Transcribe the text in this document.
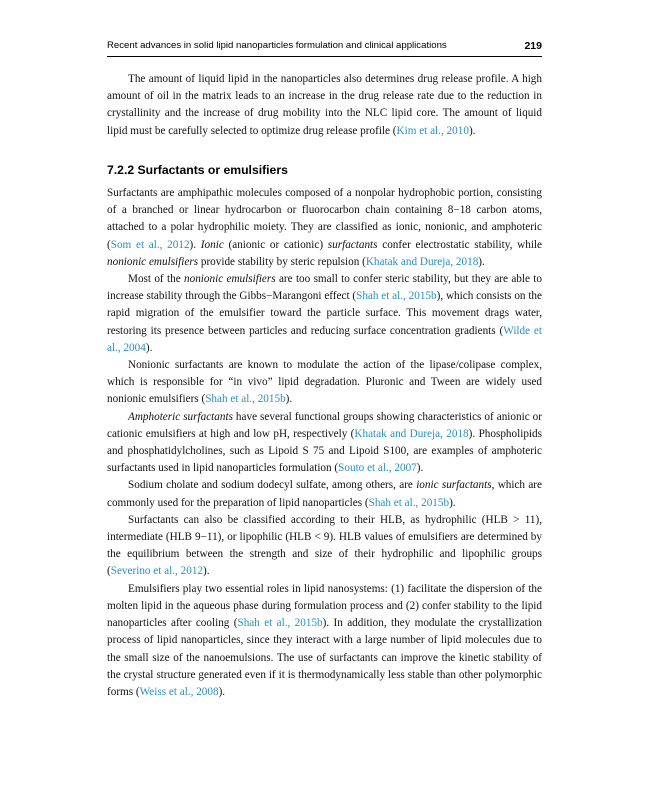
Recent advances in solid lipid nanoparticles formulation and clinical applications	219

The amount of liquid lipid in the nanoparticles also determines drug release profile. A high amount of oil in the matrix leads to an increase in the drug release rate due to the reduction in crystallinity and the increase of drug mobility into the NLC lipid core. The amount of liquid lipid must be carefully selected to optimize drug release profile (Kim et al., 2010).

7.2.2 Surfactants or emulsifiers

Surfactants are amphipathic molecules composed of a nonpolar hydrophobic portion, consisting of a branched or linear hydrocarbon or fluorocarbon chain containing 8−18 carbon atoms, attached to a polar hydrophilic moiety. They are classified as ionic, nonionic, and amphoteric (Som et al., 2012). Ionic (anionic or cationic) surfactants confer electrostatic stability, while nonionic emulsifiers provide stability by steric repulsion (Khatak and Dureja, 2018).

Most of the nonionic emulsifiers are too small to confer steric stability, but they are able to increase stability through the Gibbs−Marangoni effect (Shah et al., 2015b), which consists on the rapid migration of the emulsifier toward the particle surface. This movement drags water, restoring its presence between particles and reducing surface concentration gradients (Wilde et al., 2004).

Nonionic surfactants are known to modulate the action of the lipase/colipase complex, which is responsible for “in vivo” lipid degradation. Pluronic and Tween are widely used nonionic emulsifiers (Shah et al., 2015b).

Amphoteric surfactants have several functional groups showing characteristics of anionic or cationic emulsifiers at high and low pH, respectively (Khatak and Dureja, 2018). Phospholipids and phosphatidylcholines, such as Lipoid S 75 and Lipoid S100, are examples of amphoteric surfactants used in lipid nanoparticles formulation (Souto et al., 2007).

Sodium cholate and sodium dodecyl sulfate, among others, are ionic surfactants, which are commonly used for the preparation of lipid nanoparticles (Shah et al., 2015b).

Surfactants can also be classified according to their HLB, as hydrophilic (HLB > 11), intermediate (HLB 9−11), or lipophilic (HLB < 9). HLB values of emulsifiers are determined by the equilibrium between the strength and size of their hydrophilic and lipophilic groups (Severino et al., 2012).

Emulsifiers play two essential roles in lipid nanosystems: (1) facilitate the dispersion of the molten lipid in the aqueous phase during formulation process and (2) confer stability to the lipid nanoparticles after cooling (Shah et al., 2015b). In addition, they modulate the crystallization process of lipid nanoparticles, since they interact with a large number of lipid molecules due to the small size of the nanoemulsions. The use of surfactants can improve the kinetic stability of the crystal structure generated even if it is thermodynamically less stable than other polymorphic forms (Weiss et al., 2008).
